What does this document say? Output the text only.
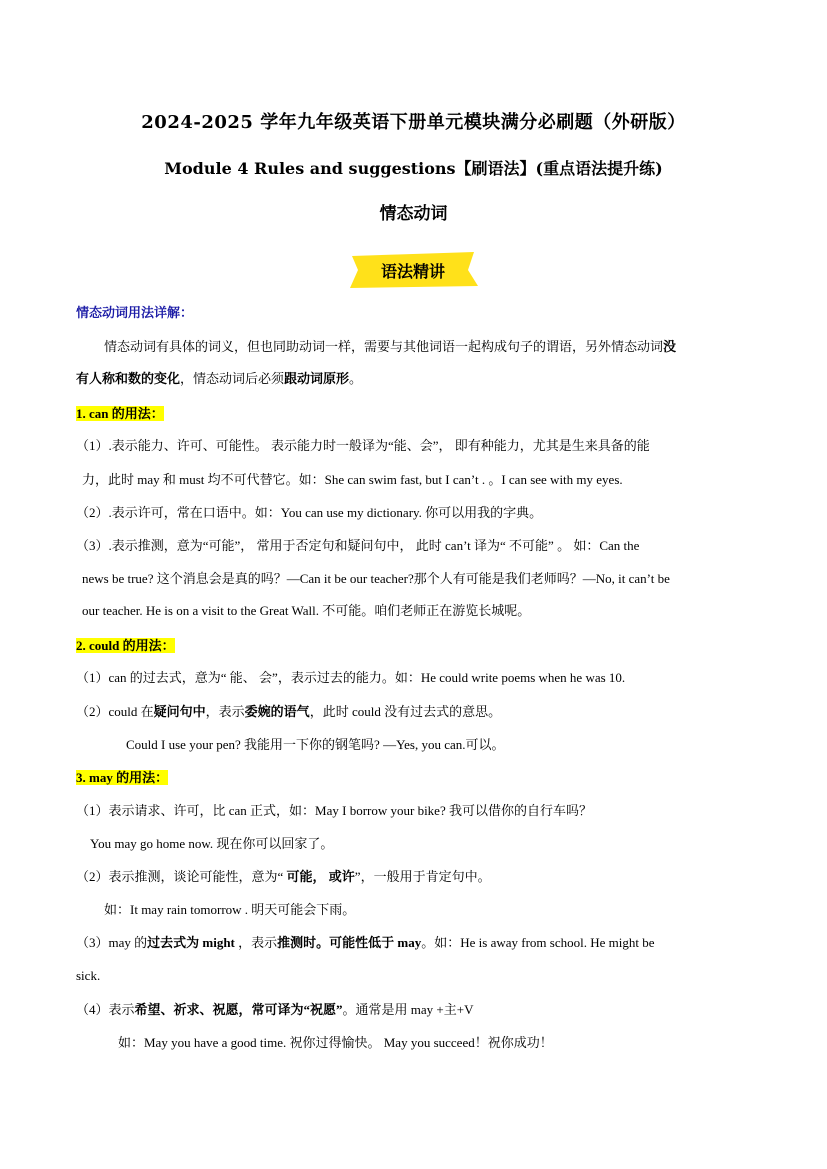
2024-2025 学年九年级英语下册单元模块满分必刷题（外研版）
Module 4 Rules and suggestions【刷语法】(重点语法提升练)
情态动词
语法精讲
情态动词用法详解：
情态动词有具体的词义，但也同助动词一样，需要与其他词语一起构成句子的谓语，另外情态动词没
有人称和数的变化，情态动词后必须跟动词原形。
1. can 的用法：
（1）.表示能力、许可、可能性。 表示能力时一般译为“能、会”， 即有种能力，尤其是生来具备的能
力，此时 may 和 must 均不可代替它。如：She can swim fast, but I can’t . 。I can see with my eyes.
（2）.表示许可，常在口语中。如：You can use my dictionary. 你可以用我的字典。
（3）.表示推测，意为“可能”， 常用于否定句和疑问句中， 此时 can’t 译为“ 不可能” 。 如：Can the
news be true? 这个消息会是真的吗？—Can it be our teacher?那个人有可能是我们老师吗？—No, it can’t be
our teacher. He is on a visit to the Great Wall. 不可能。咱们老师正在游览长城呢。
2. could 的用法：
（1）can 的过去式，意为“ 能、 会”，表示过去的能力。如：He could write poems when he was 10.
（2）could 在疑问句中，表示委婉的语气，此时 could 没有过去式的意思。
Could I use your pen? 我能用一下你的钢笔吗? —Yes, you can.可以。
3. may 的用法：
（1）表示请求、许可，比 can 正式，如：May I borrow your bike? 我可以借你的自行车吗？
You may go home now. 现在你可以回家了。
（2）表示推测，谈论可能性，意为“ 可能， 或许”，一般用于肯定句中。
如：It may rain tomorrow . 明天可能会下雨。
（3）may 的过去式为 might ，表示推测时。可能性低于 may。如：He is away from school. He might be
sick.
（4）表示希望、祈求、祝愿，常可译为“祝愿”。通常是用 may +主+V
如：May you have a good time. 祝你过得愉快。 May you succeed！祝你成功！
